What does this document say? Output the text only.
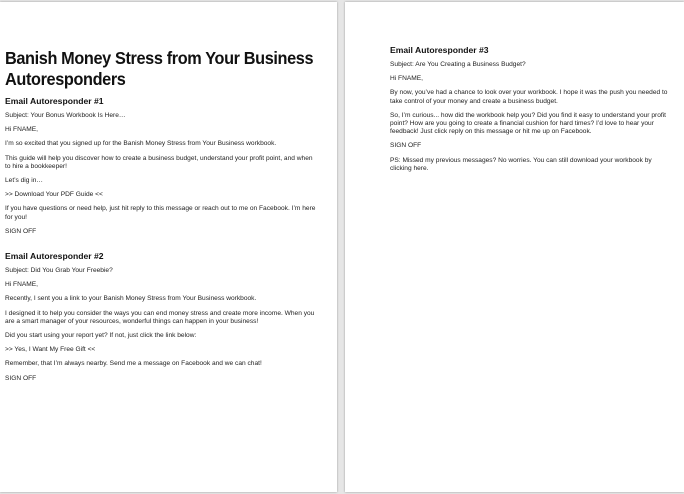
Banish Money Stress from Your Business Autoresponders
Email Autoresponder #1
Subject: Your Bonus Workbook Is Here…
Hi FNAME,
I’m so excited that you signed up for the Banish Money Stress from Your Business workbook.
This guide will help you discover how to create a business budget, understand your profit point, and when to hire a bookkeeper!
Let’s dig in…
>> Download Your PDF Guide <<
If you have questions or need help, just hit reply to this message or reach out to me on Facebook. I’m here for you!
SIGN OFF
Email Autoresponder #2
Subject: Did You Grab Your Freebie?
Hi FNAME,
Recently, I sent you a link to your Banish Money Stress from Your Business workbook.
I designed it to help you consider the ways you can end money stress and create more income. When you are a smart manager of your resources, wonderful things can happen in your business!
Did you start using your report yet? If not, just click the link below:
>> Yes, I Want My Free Gift <<
Remember, that I’m always nearby. Send me a message on Facebook and we can chat!
SIGN OFF
Email Autoresponder #3
Subject: Are You Creating a Business Budget?
Hi FNAME,
By now, you’ve had a chance to look over your workbook. I hope it was the push you needed to take control of your money and create a business budget.
So, I’m curious... how did the workbook help you? Did you find it easy to understand your profit point? How are you going to create a financial cushion for hard times? I’d love to hear your feedback! Just click reply on this message or hit me up on Facebook.
SIGN OFF
PS: Missed my previous messages? No worries. You can still download your workbook by clicking here.
